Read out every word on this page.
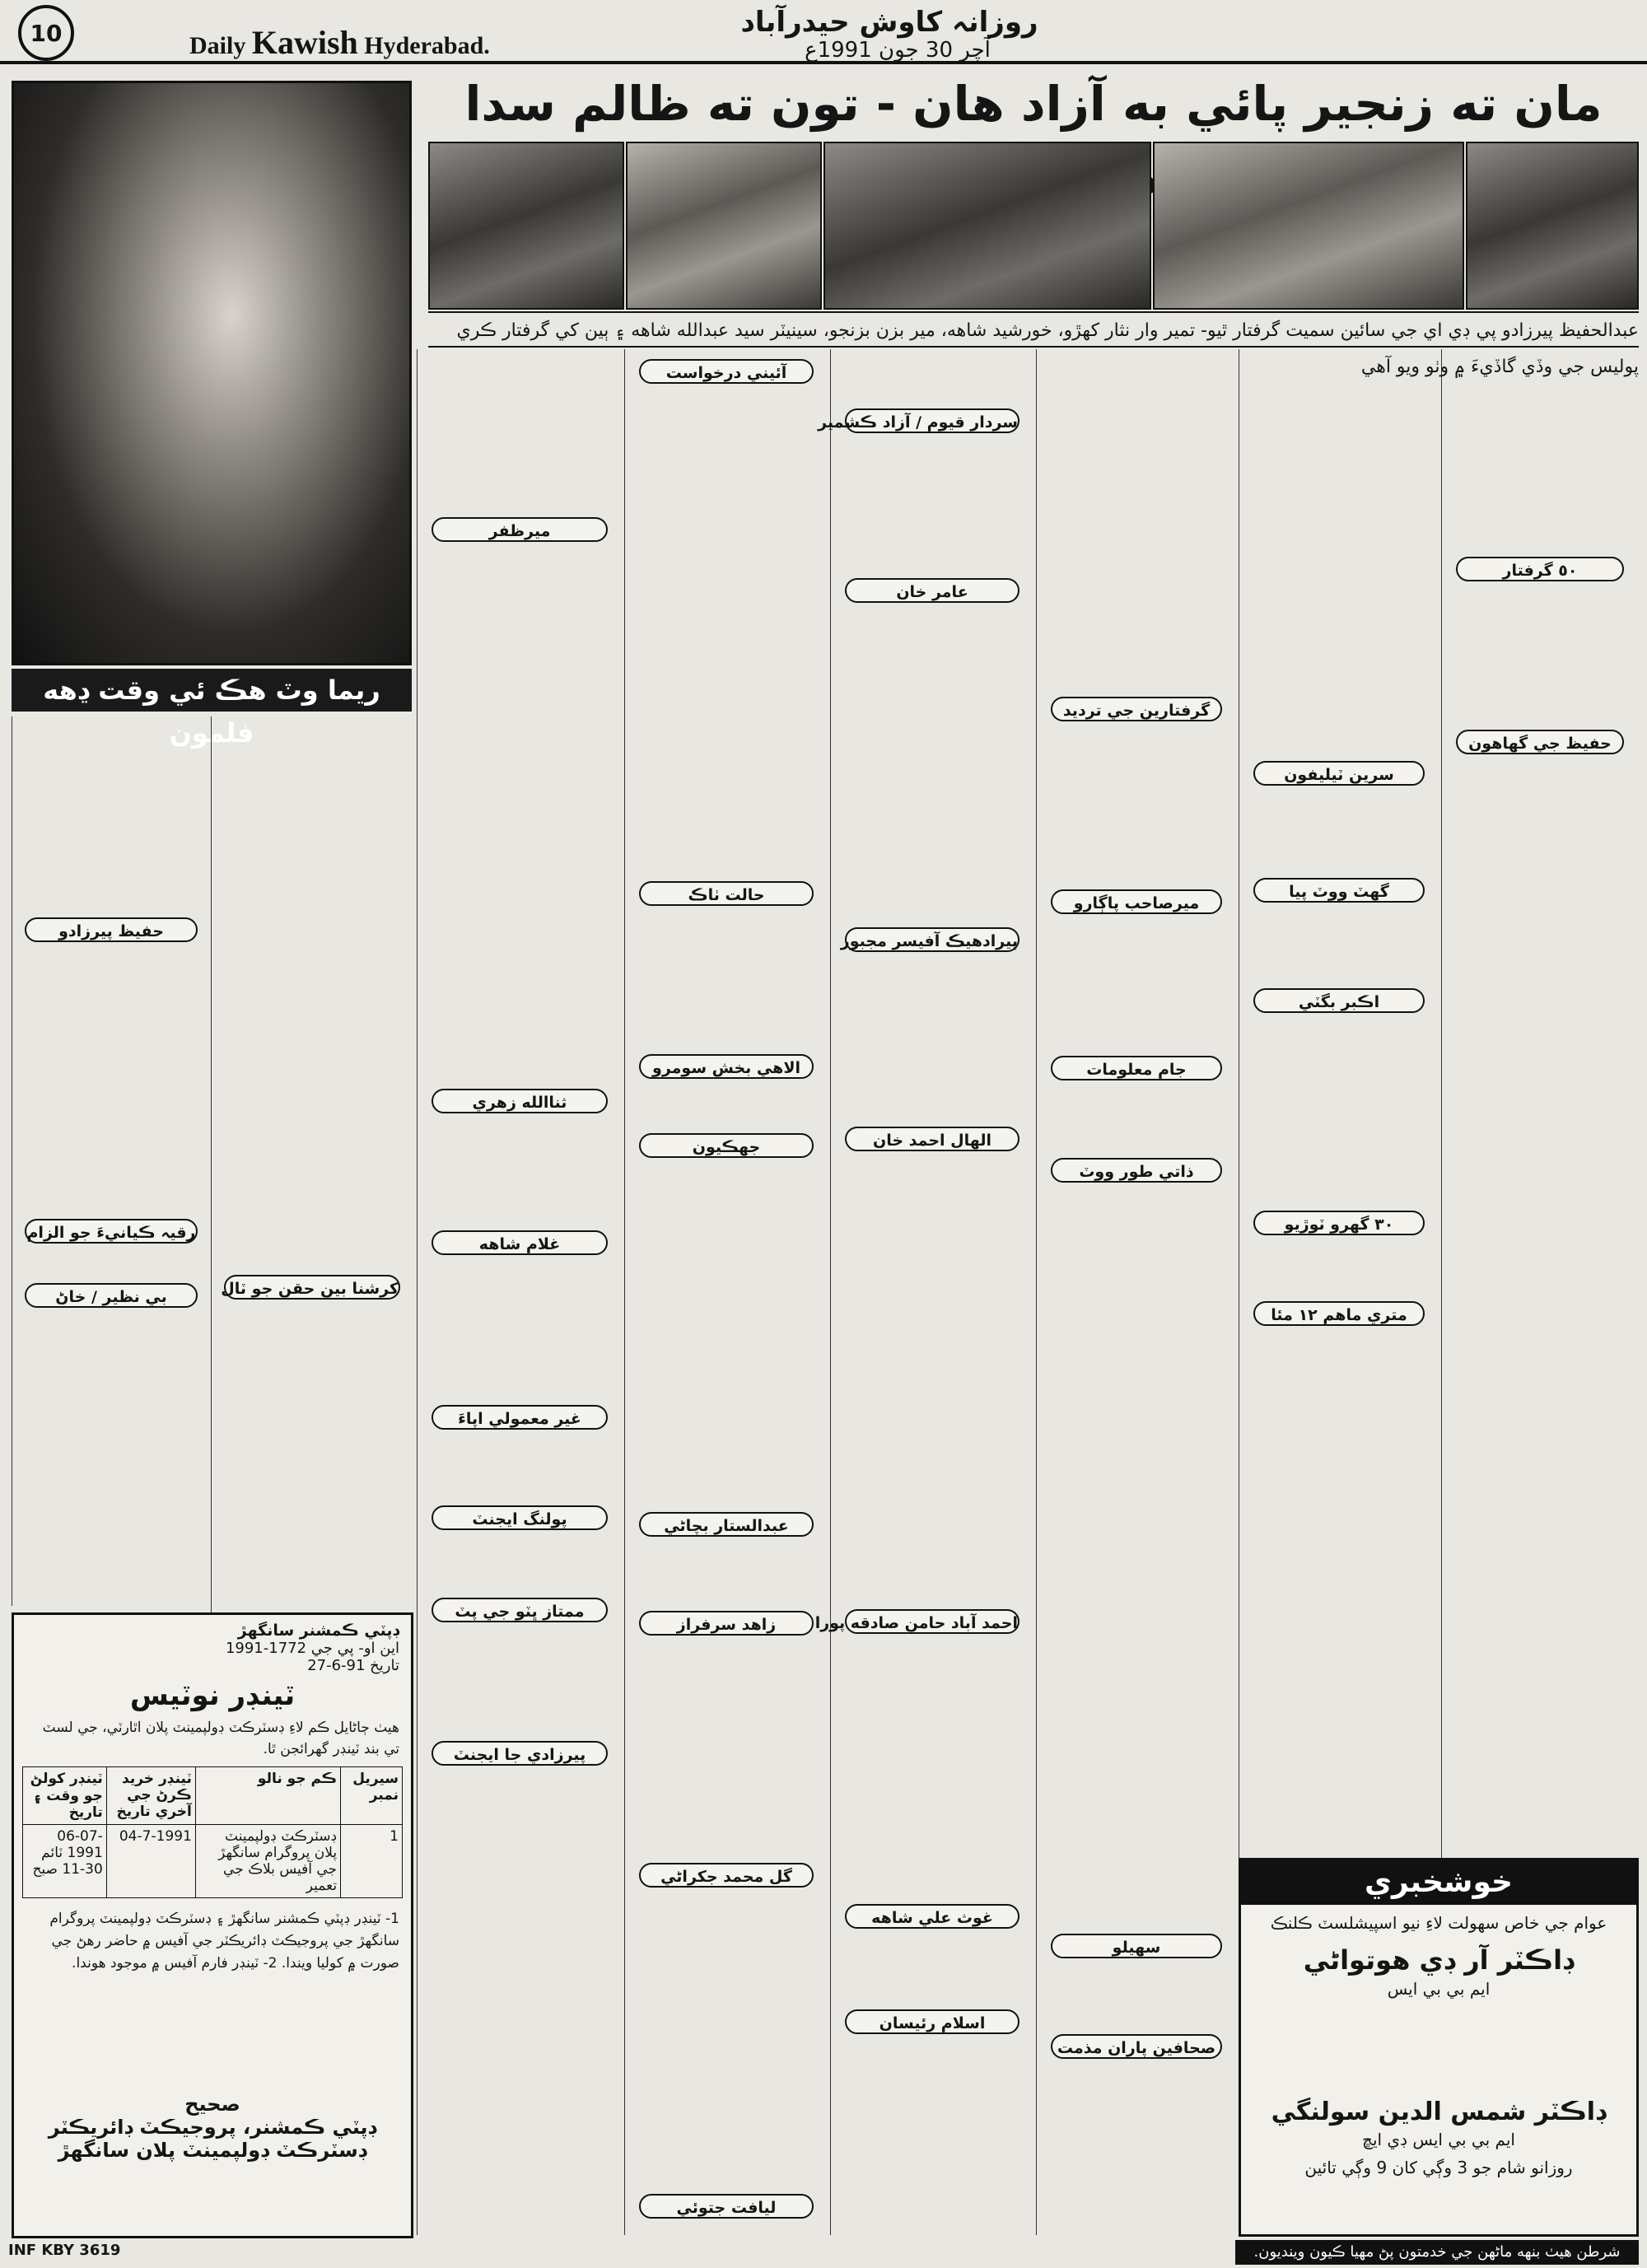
10	Daily Kawish Hyderabad.
روزانہ کاوش حیدرآباد
آچر 30 جون 1991ع
مان ته زنجير پائي به آزاد هان - تون ته ظالم سدا
عبدالحفيظ پيرزادو پي ڊي اي جي سائين سميت گرفتار ٿيو- تمير وار نثار کهڙو، خورشيد شاهه، مير بزن بزنجو، سينيٽر سيد عبدالله شاهه ۽ ٻين کي گرفتار ڪري پوليس جي وڏي گاڏيءَ ۾ وٺو ويو آهي
ريما وٽ هڪ ئي وقت ڍهه فلمون
حفيظ پيرزادو
رقيہ ڪيانيءَ جو الزام
بي نظير / خاڻ	كرشنا بين حقن جو ٽال
ڊپٽي ڪمشنر سانگهڙ
اين او- پي جي 1772-1991
تاريخ 91-6-27
ٽينڊر نوٽيس
هيٺ ڄاڻايل ڪم لاءِ ڊسٽرڪٽ ڊولپمينٽ پلان اٿارٽي، جي لسٽ تي بند ٽينڊر گهرائجن ٿا.
سيريل نمبر	ڪم جو نالو	ٽينڊر خريد ڪرڻ جي آخري تاريخ	ٽينڊر کولڻ جو وقت ۽ تاريخ
1	ڊسٽرڪٽ ڊولپمينٽ پلان پروگرام سانگهڙ جي آفيس بلاڪ جي تعمير	04-7-1991	06-07-1991 ٽائم 30-11 صبح
1- ٽينڊر ڊپٽي ڪمشنر سانگهڙ ۽ ڊسٽرڪٽ ڊولپمينٽ پروگرام سانگهڙ جي پروجيڪٽ ڊائريڪٽر جي آفيس ۾ حاضر رهڻ جي صورت ۾ کوليا ويندا. 2- ٽينڊر فارم آفيس ۾ موجود هوندا.
صحيح
ڊپٽي ڪمشنر، پروجيڪٽ ڊائريڪٽر
ڊسٽرڪٽ ڊولپمينٽ پلان سانگهڙ
INF KBY 3619
ميرظفر
ثناالله زهري
غلام شاهه
غير معمولي اپاءَ
پولنگ ايجنٽ
ممتاز ڀٽو جي پٽ
پيرزادي جا ايجنٽ
آئيني درخواست
حالت ٺاڪ
الاهي بخش سومرو
جهڪيون
عبدالستار بچاڻي
زاهد سرفراز
گل محمد جکراڻي
ليافت جتوئي
سردار قيوم / آزاد ڪشمير
عامر خان
پيرادهيڪ آفيسر مجبور
الهال احمد خان
احمد آباد حامن صادقه پورا
غوث علي شاهه
اسلام رئيسان
گرفتارين جي ترديد
ميرصاحب پاڳارو
جام معلومات
ذاتي طور ووٽ
سهيلو
صحافين پاران مذمت
سرين ٽيليفون
گهٽ ووٽ پيا
اڪبر بگٽي
٣٠ گهرو ٽوڙيو
متري ماهم ١٢ مئا
٥٠ گرفتار
حفيظ جي گهاهون
خوشخبري
عوام جي خاص سهولت لاءِ نيو اسپيشلسٽ ڪلنڪ
ڊاڪٽر آر ڊي هوتواڻي
ايم بي بي ايس
ڊاڪٽر شمس الدين سولنگي
ايم بي بي ايس ڊي ايڇ
روزانو شام جو 3 وڳي کان 9 وڳي تائين
شرطن هيٺ بنهه ماڻهن جي خدمتون پڻ مهيا ڪيون وينديون.
